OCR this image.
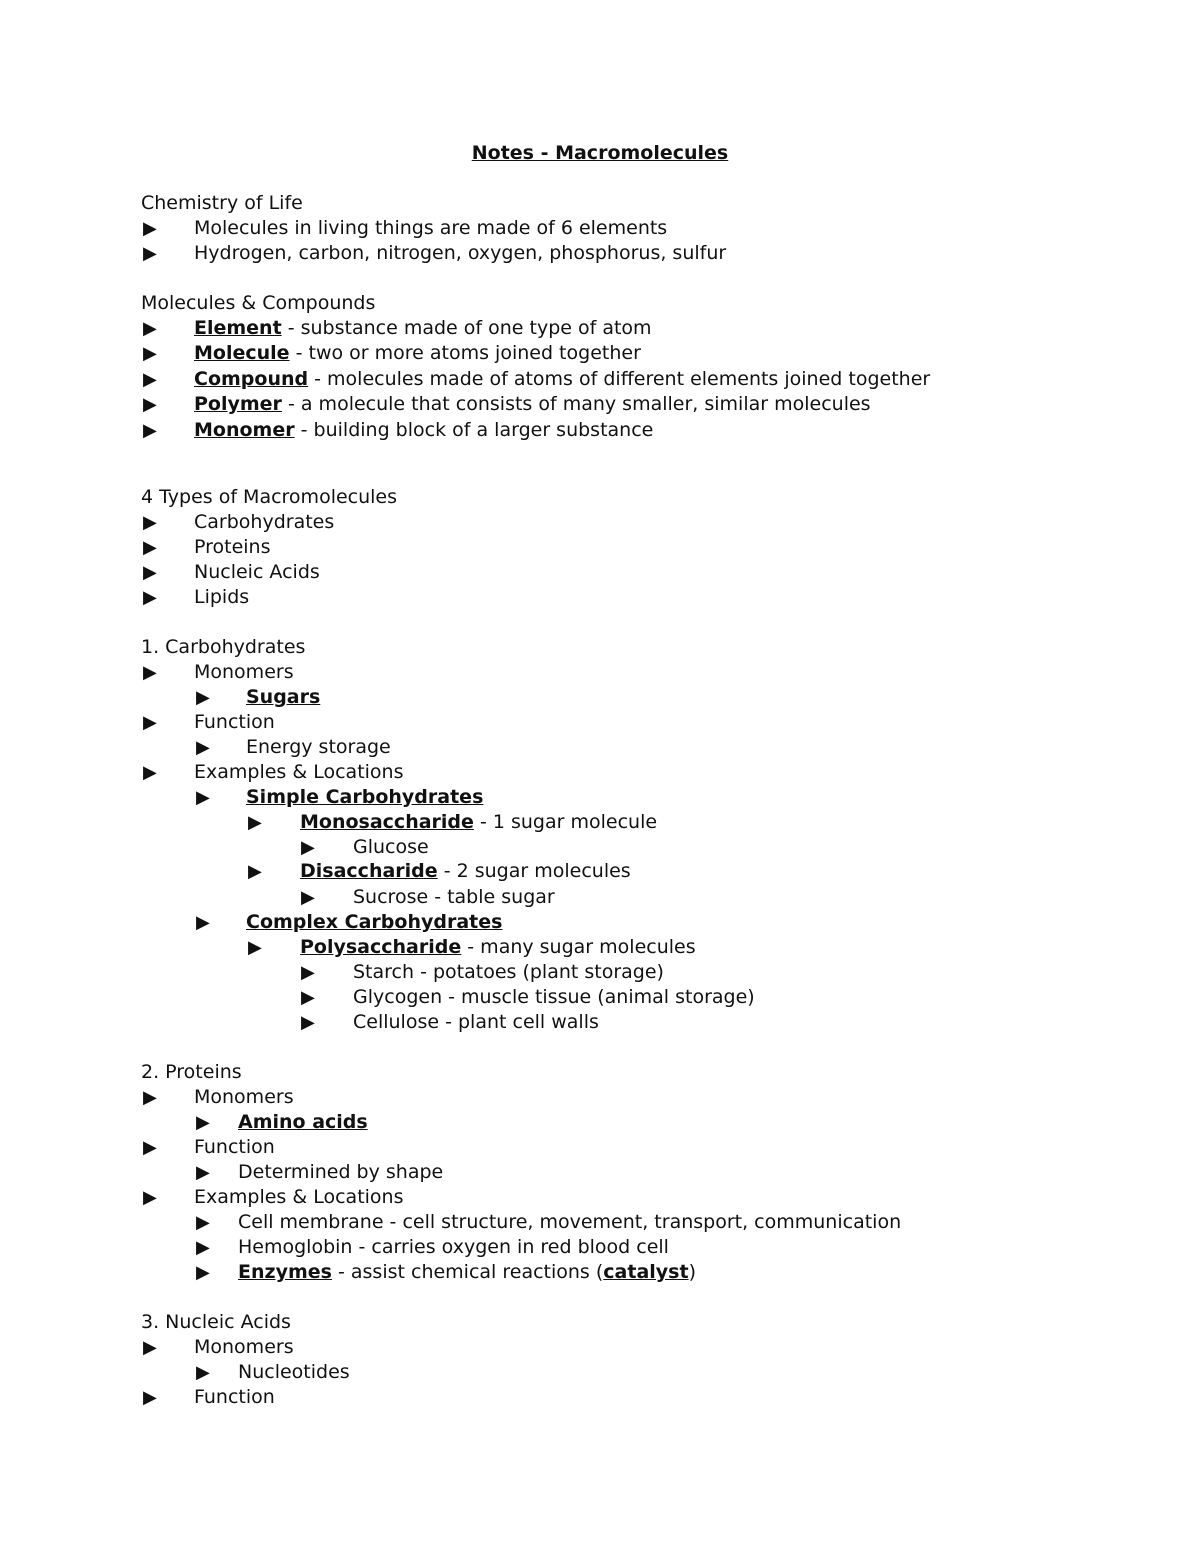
Notes - Macromolecules
Chemistry of Life
▶ Molecules in living things are made of 6 elements
▶ Hydrogen, carbon, nitrogen, oxygen, phosphorus, sulfur
Molecules & Compounds
▶ Element - substance made of one type of atom
▶ Molecule - two or more atoms joined together
▶ Compound - molecules made of atoms of different elements joined together
▶ Polymer - a molecule that consists of many smaller, similar molecules
▶ Monomer - building block of a larger substance
4 Types of Macromolecules
▶ Carbohydrates
▶ Proteins
▶ Nucleic Acids
▶ Lipids
1. Carbohydrates
▶ Monomers
▶ Sugars
▶ Function
▶ Energy storage
▶ Examples & Locations
▶ Simple Carbohydrates
▶ Monosaccharide - 1 sugar molecule
▶ Glucose
▶ Disaccharide - 2 sugar molecules
▶ Sucrose - table sugar
▶ Complex Carbohydrates
▶ Polysaccharide - many sugar molecules
▶ Starch - potatoes (plant storage)
▶ Glycogen - muscle tissue (animal storage)
▶ Cellulose - plant cell walls
2. Proteins
▶ Monomers
▶ Amino acids
▶ Function
▶ Determined by shape
▶ Examples & Locations
▶ Cell membrane - cell structure, movement, transport, communication
▶ Hemoglobin - carries oxygen in red blood cell
▶ Enzymes - assist chemical reactions (catalyst)
3. Nucleic Acids
▶ Monomers
▶ Nucleotides
▶ Function
